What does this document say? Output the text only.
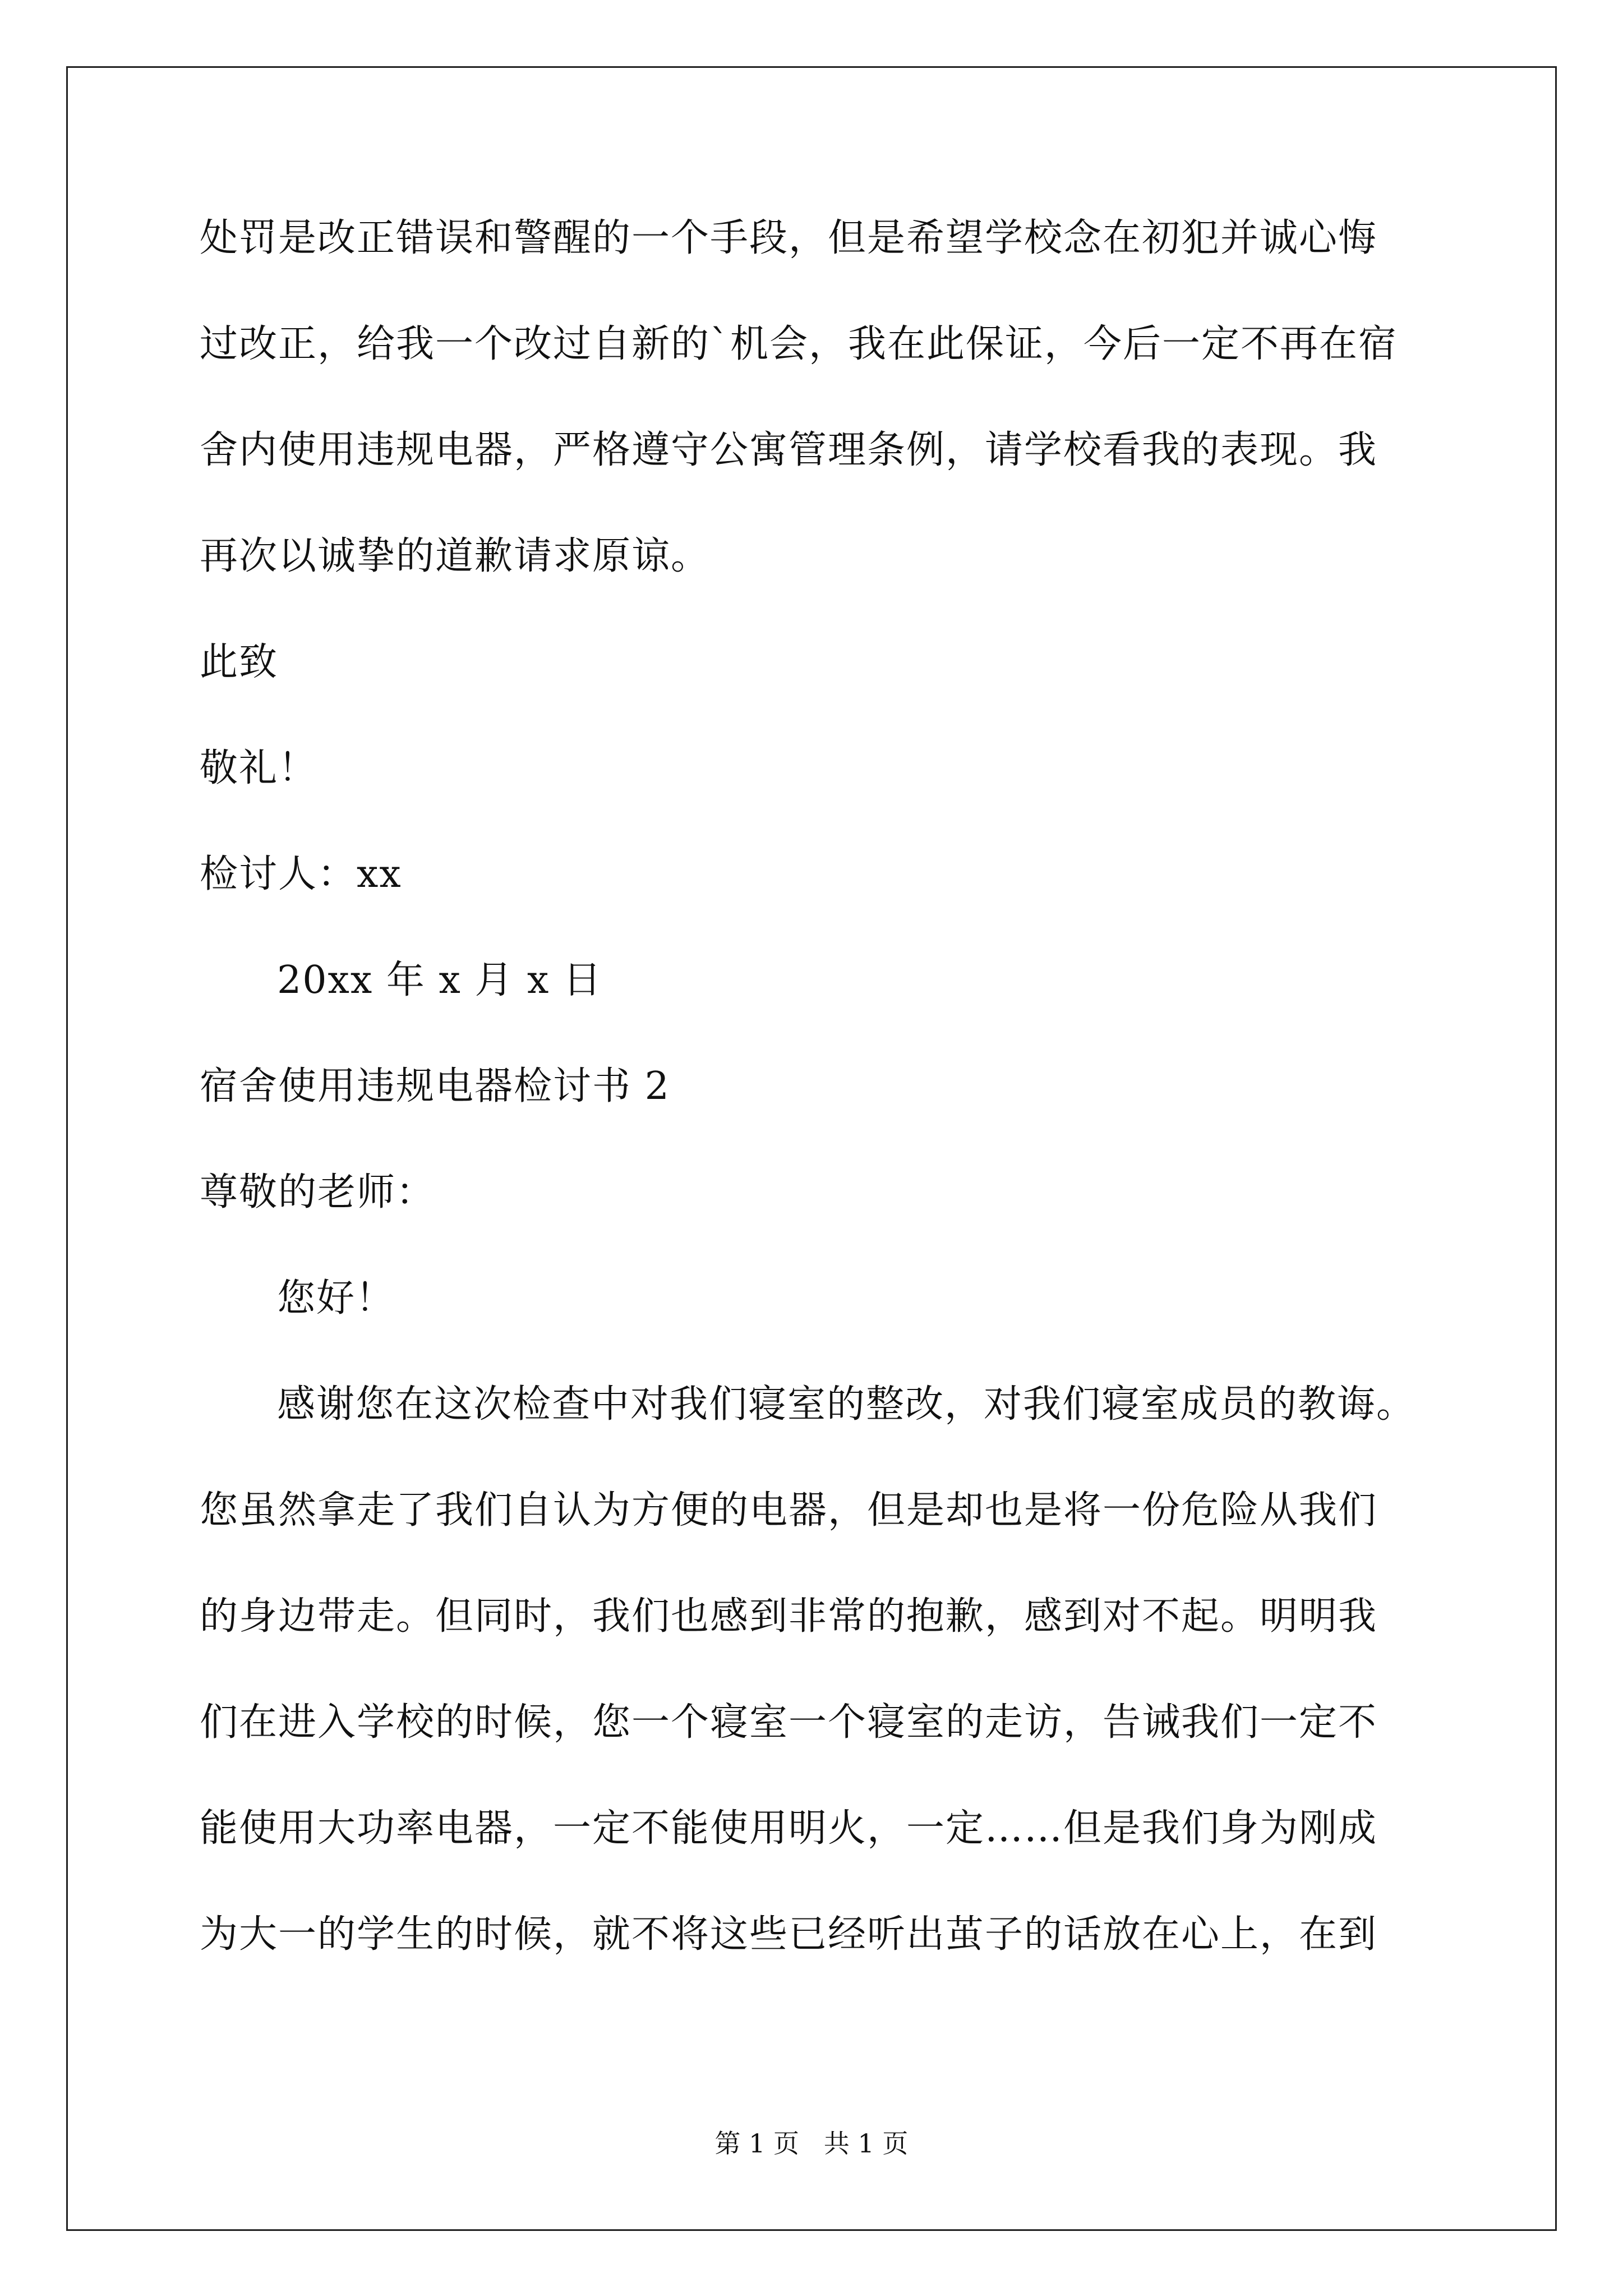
处罚是改正错误和警醒的一个手段，但是希望学校念在初犯并诚心悔
过改正，给我一个改过自新的`机会，我在此保证，今后一定不再在宿
舍内使用违规电器，严格遵守公寓管理条例，请学校看我的表现。我
再次以诚挚的道歉请求原谅。
此致
敬礼！
检讨人：xx
20xx 年 x 月 x 日
宿舍使用违规电器检讨书 2
尊敬的老师：
您好！
感谢您在这次检查中对我们寝室的整改，对我们寝室成员的教诲。
您虽然拿走了我们自认为方便的电器，但是却也是将一份危险从我们
的身边带走。但同时，我们也感到非常的抱歉，感到对不起。明明我
们在进入学校的时候，您一个寝室一个寝室的走访，告诫我们一定不
能使用大功率电器，一定不能使用明火，一定……但是我们身为刚成
为大一的学生的时候，就不将这些已经听出茧子的话放在心上，在到
第 1 页   共 1 页
